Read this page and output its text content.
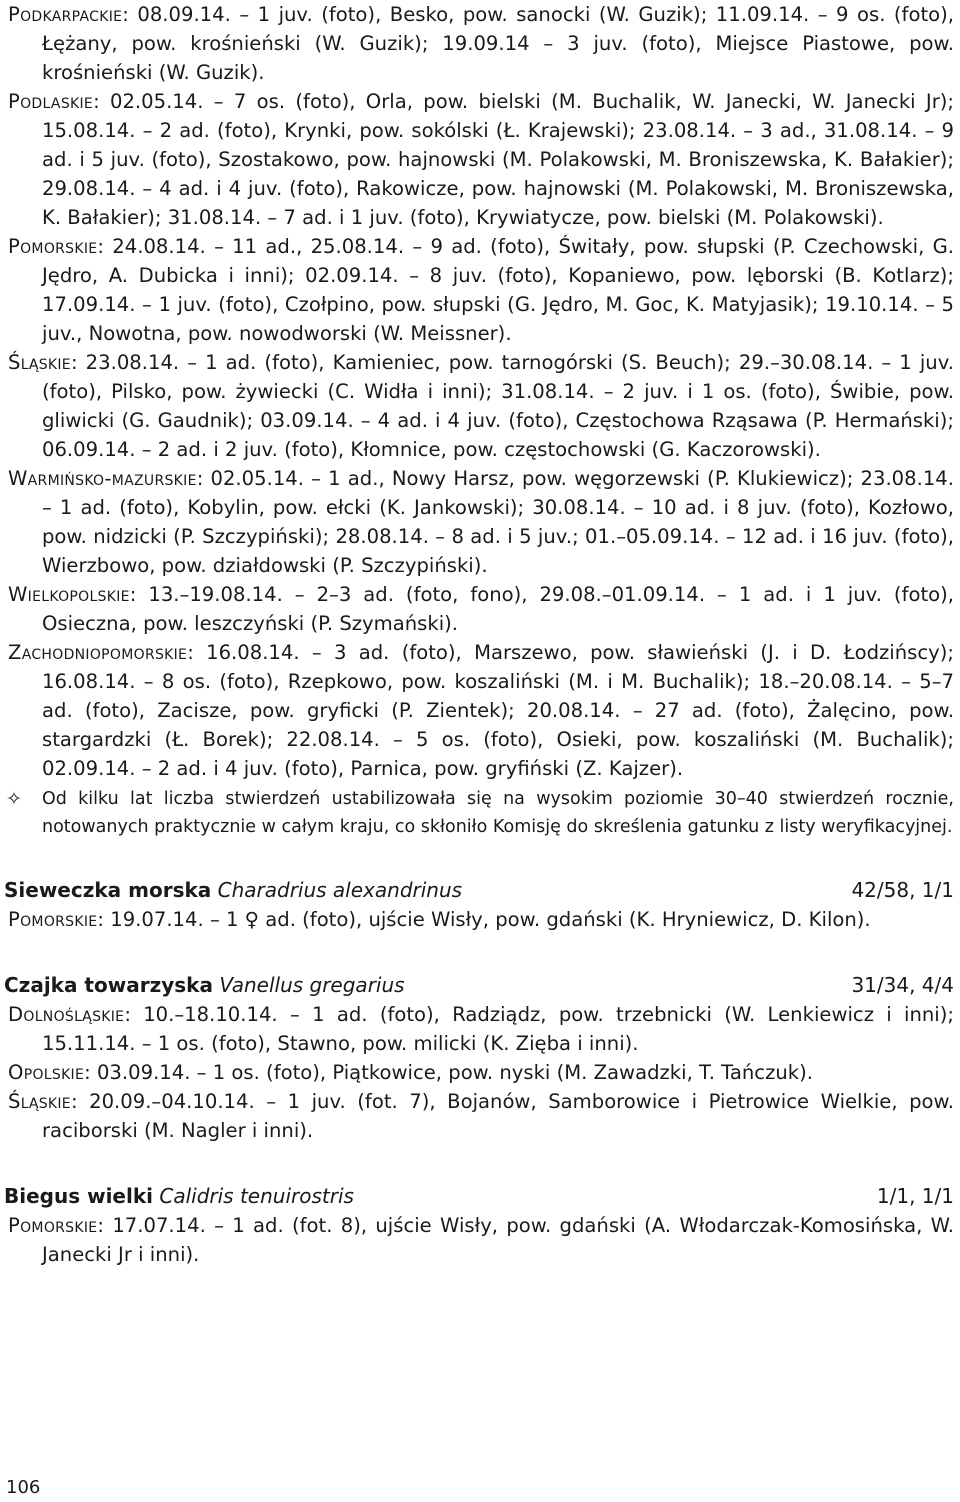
Podkarpackie: 08.09.14. – 1 juv. (foto), Besko, pow. sanocki (W. Guzik); 11.09.14. – 9 os. (foto), Łężany, pow. krośnieński (W. Guzik); 19.09.14 – 3 juv. (foto), Miejsce Piastowe, pow. krośnieński (W. Guzik).

Podlaskie: 02.05.14. – 7 os. (foto), Orla, pow. bielski (M. Buchalik, W. Janecki, W. Janecki Jr); 15.08.14. – 2 ad. (foto), Krynki, pow. sokólski (Ł. Krajewski); 23.08.14. – 3 ad., 31.08.14. – 9 ad. i 5 juv. (foto), Szostakowo, pow. hajnowski (M. Polakowski, M. Broniszewska, K. Bałakier); 29.08.14. – 4 ad. i 4 juv. (foto), Rakowicze, pow. hajnowski (M. Polakowski, M. Broniszewska, K. Bałakier); 31.08.14. – 7 ad. i 1 juv. (foto), Krywiatycze, pow. bielski (M. Polakowski).

Pomorskie: 24.08.14. – 11 ad., 25.08.14. – 9 ad. (foto), Świtały, pow. słupski (P. Czechowski, G. Jędro, A. Dubicka i inni); 02.09.14. – 8 juv. (foto), Kopaniewo, pow. lęborski (B. Kotlarz); 17.09.14. – 1 juv. (foto), Czołpino, pow. słupski (G. Jędro, M. Goc, K. Matyjasik); 19.10.14. – 5 juv., Nowotna, pow. nowodworski (W. Meissner).

Śląskie: 23.08.14. – 1 ad. (foto), Kamieniec, pow. tarnogórski (S. Beuch); 29.–30.08.14. – 1 juv. (foto), Pilsko, pow. żywiecki (C. Widła i inni); 31.08.14. – 2 juv. i 1 os. (foto), Świbie, pow. gliwicki (G. Gaudnik); 03.09.14. – 4 ad. i 4 juv. (foto), Częstochowa Rząsawa (P. Hermański); 06.09.14. – 2 ad. i 2 juv. (foto), Kłomnice, pow. częstochowski (G. Kaczorowski).

Warmińsko-mazurskie: 02.05.14. – 1 ad., Nowy Harsz, pow. węgorzewski (P. Klukiewicz); 23.08.14. – 1 ad. (foto), Kobylin, pow. ełcki (K. Jankowski); 30.08.14. – 10 ad. i 8 juv. (foto), Kozłowo, pow. nidzicki (P. Szczypiński); 28.08.14. – 8 ad. i 5 juv.; 01.–05.09.14. – 12 ad. i 16 juv. (foto), Wierzbowo, pow. działdowski (P. Szczypiński).

Wielkopolskie: 13.–19.08.14. – 2–3 ad. (foto, fono), 29.08.–01.09.14. – 1 ad. i 1 juv. (foto), Osieczna, pow. leszczyński (P. Szymański).

Zachodniopomorskie: 16.08.14. – 3 ad. (foto), Marszewo, pow. sławieński (J. i D. Łodzińscy); 16.08.14. – 8 os. (foto), Rzepkowo, pow. koszaliński (M. i M. Buchalik); 18.–20.08.14. – 5–7 ad. (foto), Zacisze, pow. gryficki (P. Zientek); 20.08.14. – 27 ad. (foto), Żalęcino, pow. stargardzki (Ł. Borek); 22.08.14. – 5 os. (foto), Osieki, pow. koszaliński (M. Buchalik); 02.09.14. – 2 ad. i 4 juv. (foto), Parnica, pow. gryfiński (Z. Kajzer).

✧ Od kilku lat liczba stwierdzeń ustabilizowała się na wysokim poziomie 30–40 stwierdzeń rocznie, notowanych praktycznie w całym kraju, co skłoniło Komisję do skreślenia gatunku z listy weryfikacyjnej.
Sieweczka morska Charadrius alexandrinus	42/58, 1/1

Pomorskie: 19.07.14. – 1 ♀ ad. (foto), ujście Wisły, pow. gdański (K. Hryniewicz, D. Kilon).

Czajka towarzyska Vanellus gregarius	31/34, 4/4

Dolnośląskie: 10.–18.10.14. – 1 ad. (foto), Radziądz, pow. trzebnicki (W. Lenkiewicz i inni); 15.11.14. – 1 os. (foto), Stawno, pow. milicki (K. Zięba i inni).

Opolskie: 03.09.14. – 1 os. (foto), Piątkowice, pow. nyski (M. Zawadzki, T. Tańczuk).

Śląskie: 20.09.–04.10.14. – 1 juv. (fot. 7), Bojanów, Samborowice i Pietrowice Wielkie, pow. raciborski (M. Nagler i inni).

Biegus wielki Calidris tenuirostris	1/1, 1/1

Pomorskie: 17.07.14. – 1 ad. (fot. 8), ujście Wisły, pow. gdański (A. Włodarczak-Komosińska, W. Janecki Jr i inni).

106
